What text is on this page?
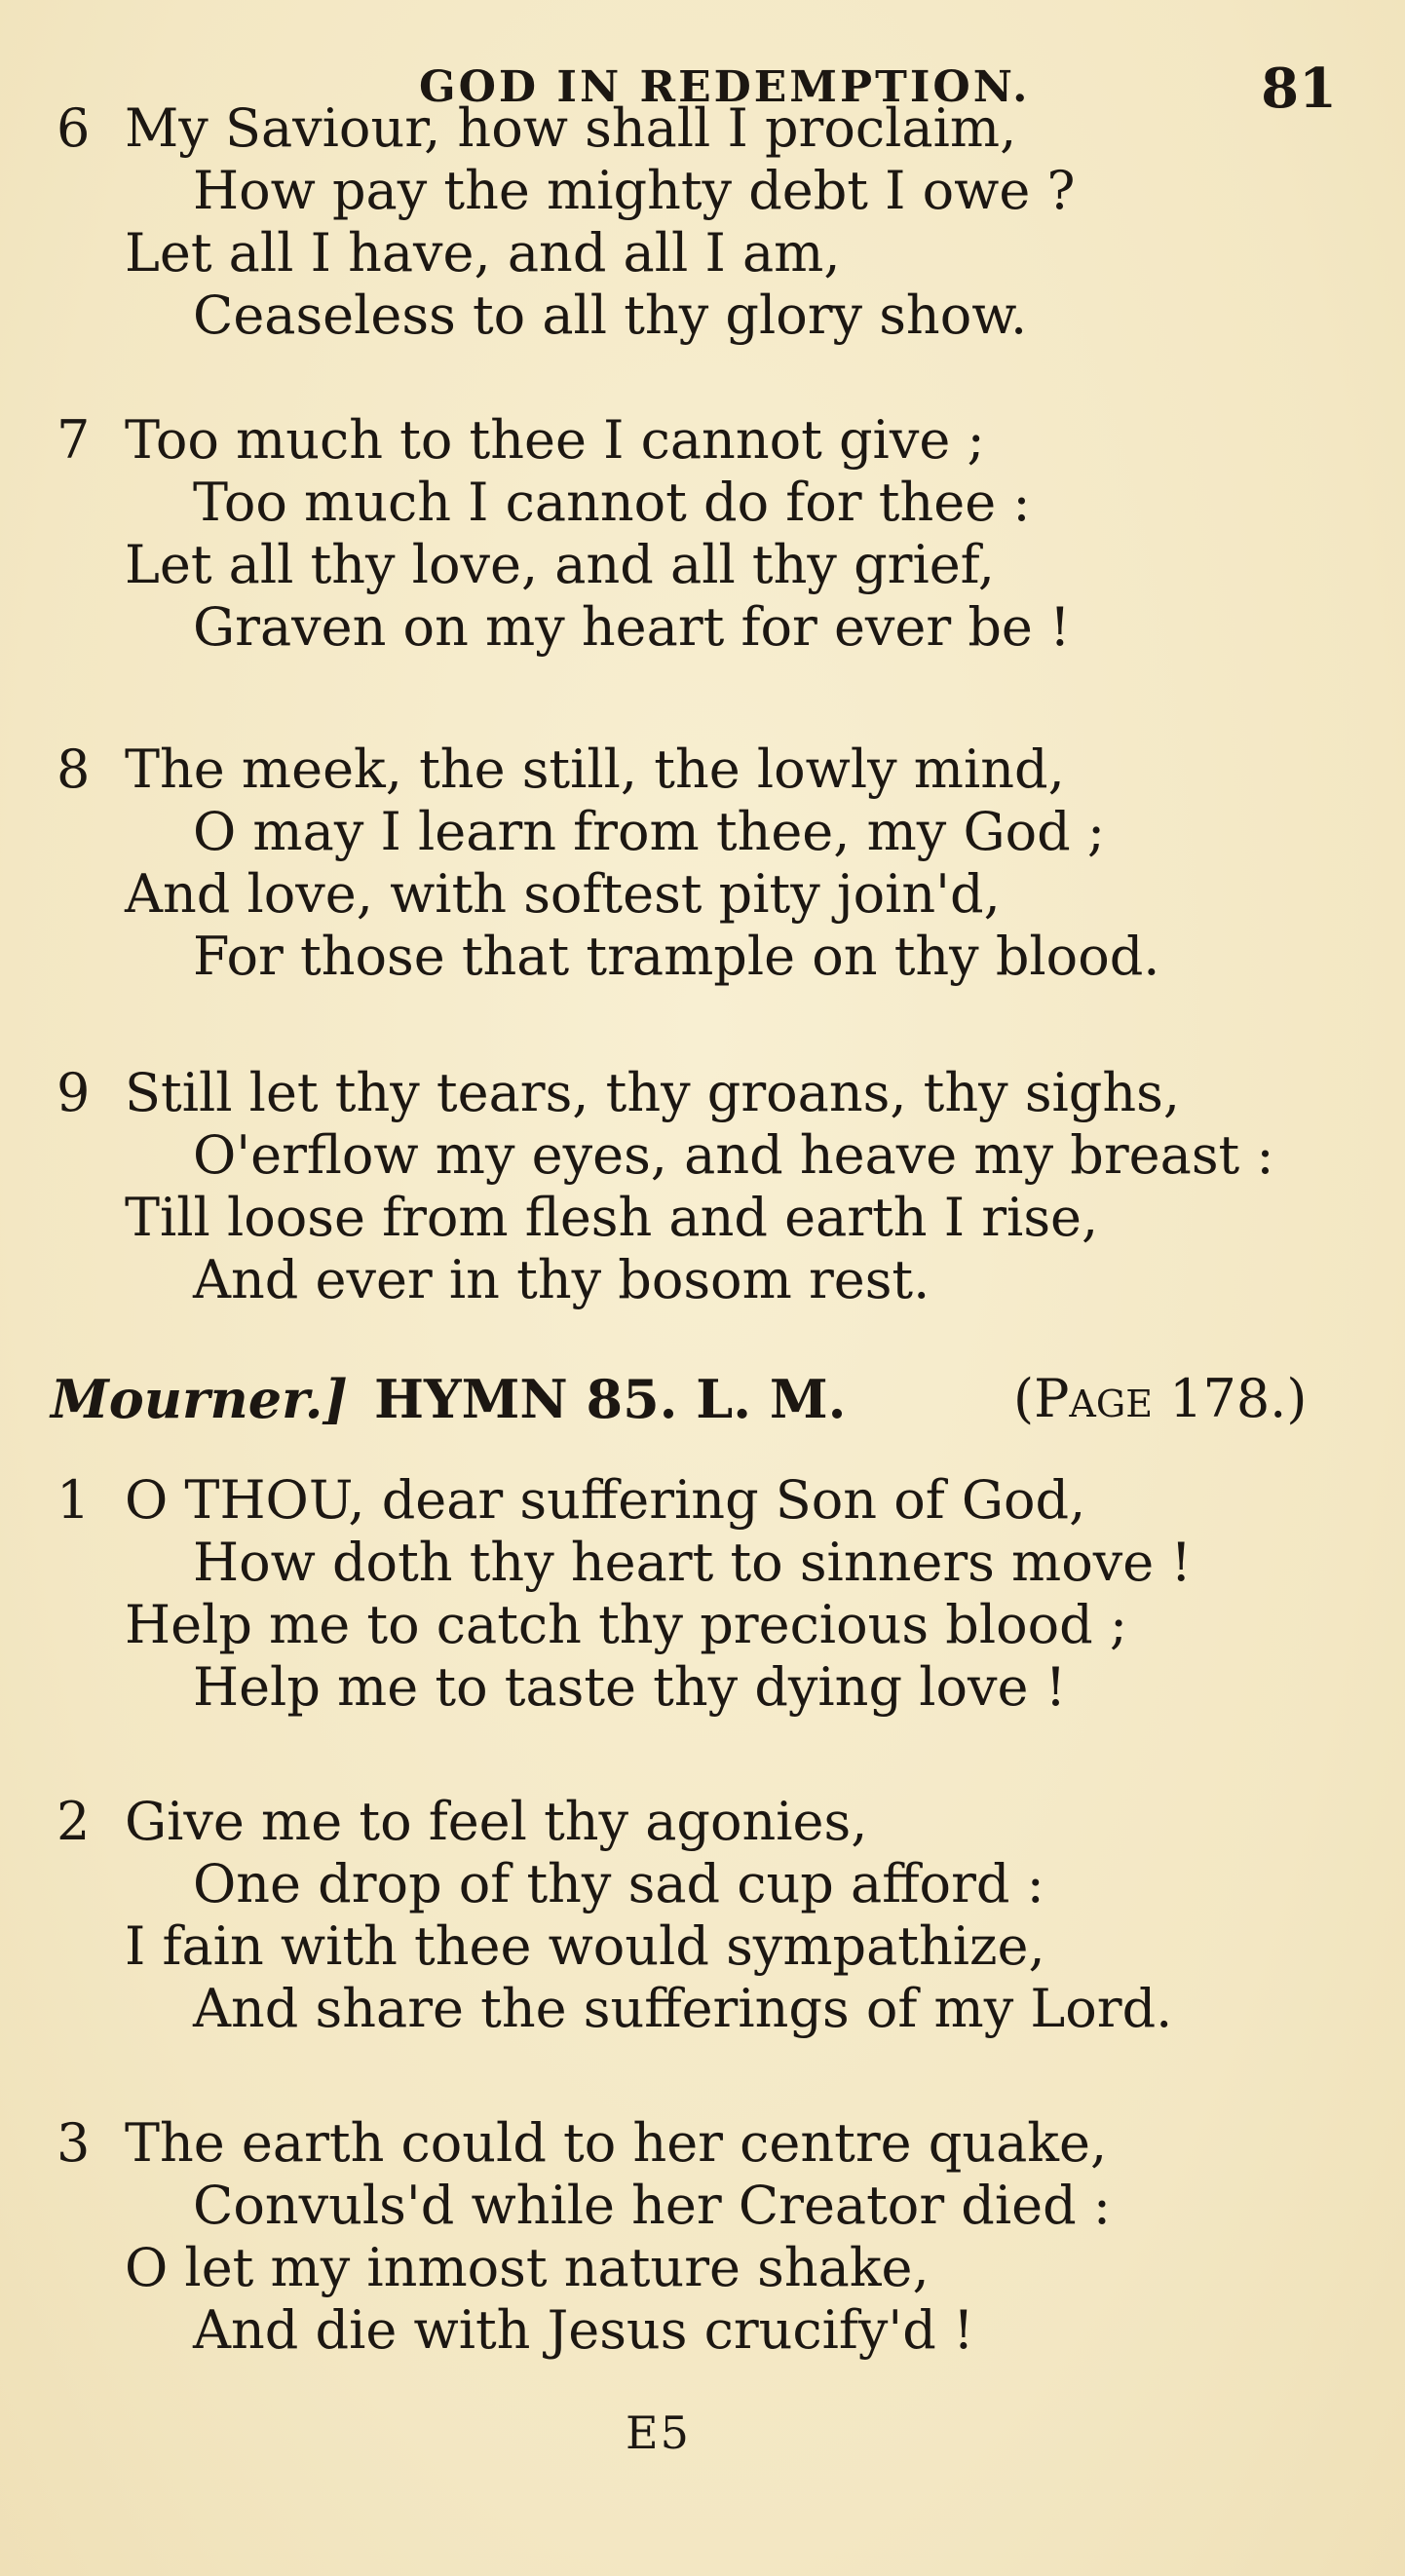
GOD IN REDEMPTION.	81
6 My Saviour, how shall I proclaim,
How pay the mighty debt I owe ?
Let all I have, and all I am,
Ceaseless to all thy glory show.
7 Too much to thee I cannot give ;
Too much I cannot do for thee :
Let all thy love, and all thy grief,
Graven on my heart for ever be !
8 The meek, the still, the lowly mind,
O may I learn from thee, my God ;
And love, with softest pity join'd,
For those that trample on thy blood.
9 Still let thy tears, thy groans, thy sighs,
O'erflow my eyes, and heave my breast :
Till loose from flesh and earth I rise,
And ever in thy bosom rest.
Mourner.] HYMN 85. L. M.	(Page 178.)
1 O THOU, dear suffering Son of God,
How doth thy heart to sinners move !
Help me to catch thy precious blood ;
Help me to taste thy dying love !
2 Give me to feel thy agonies,
One drop of thy sad cup afford :
I fain with thee would sympathize,
And share the sufferings of my Lord.
3 The earth could to her centre quake,
Convuls'd while her Creator died :
O let my inmost nature shake,
And die with Jesus crucify'd !
E5
